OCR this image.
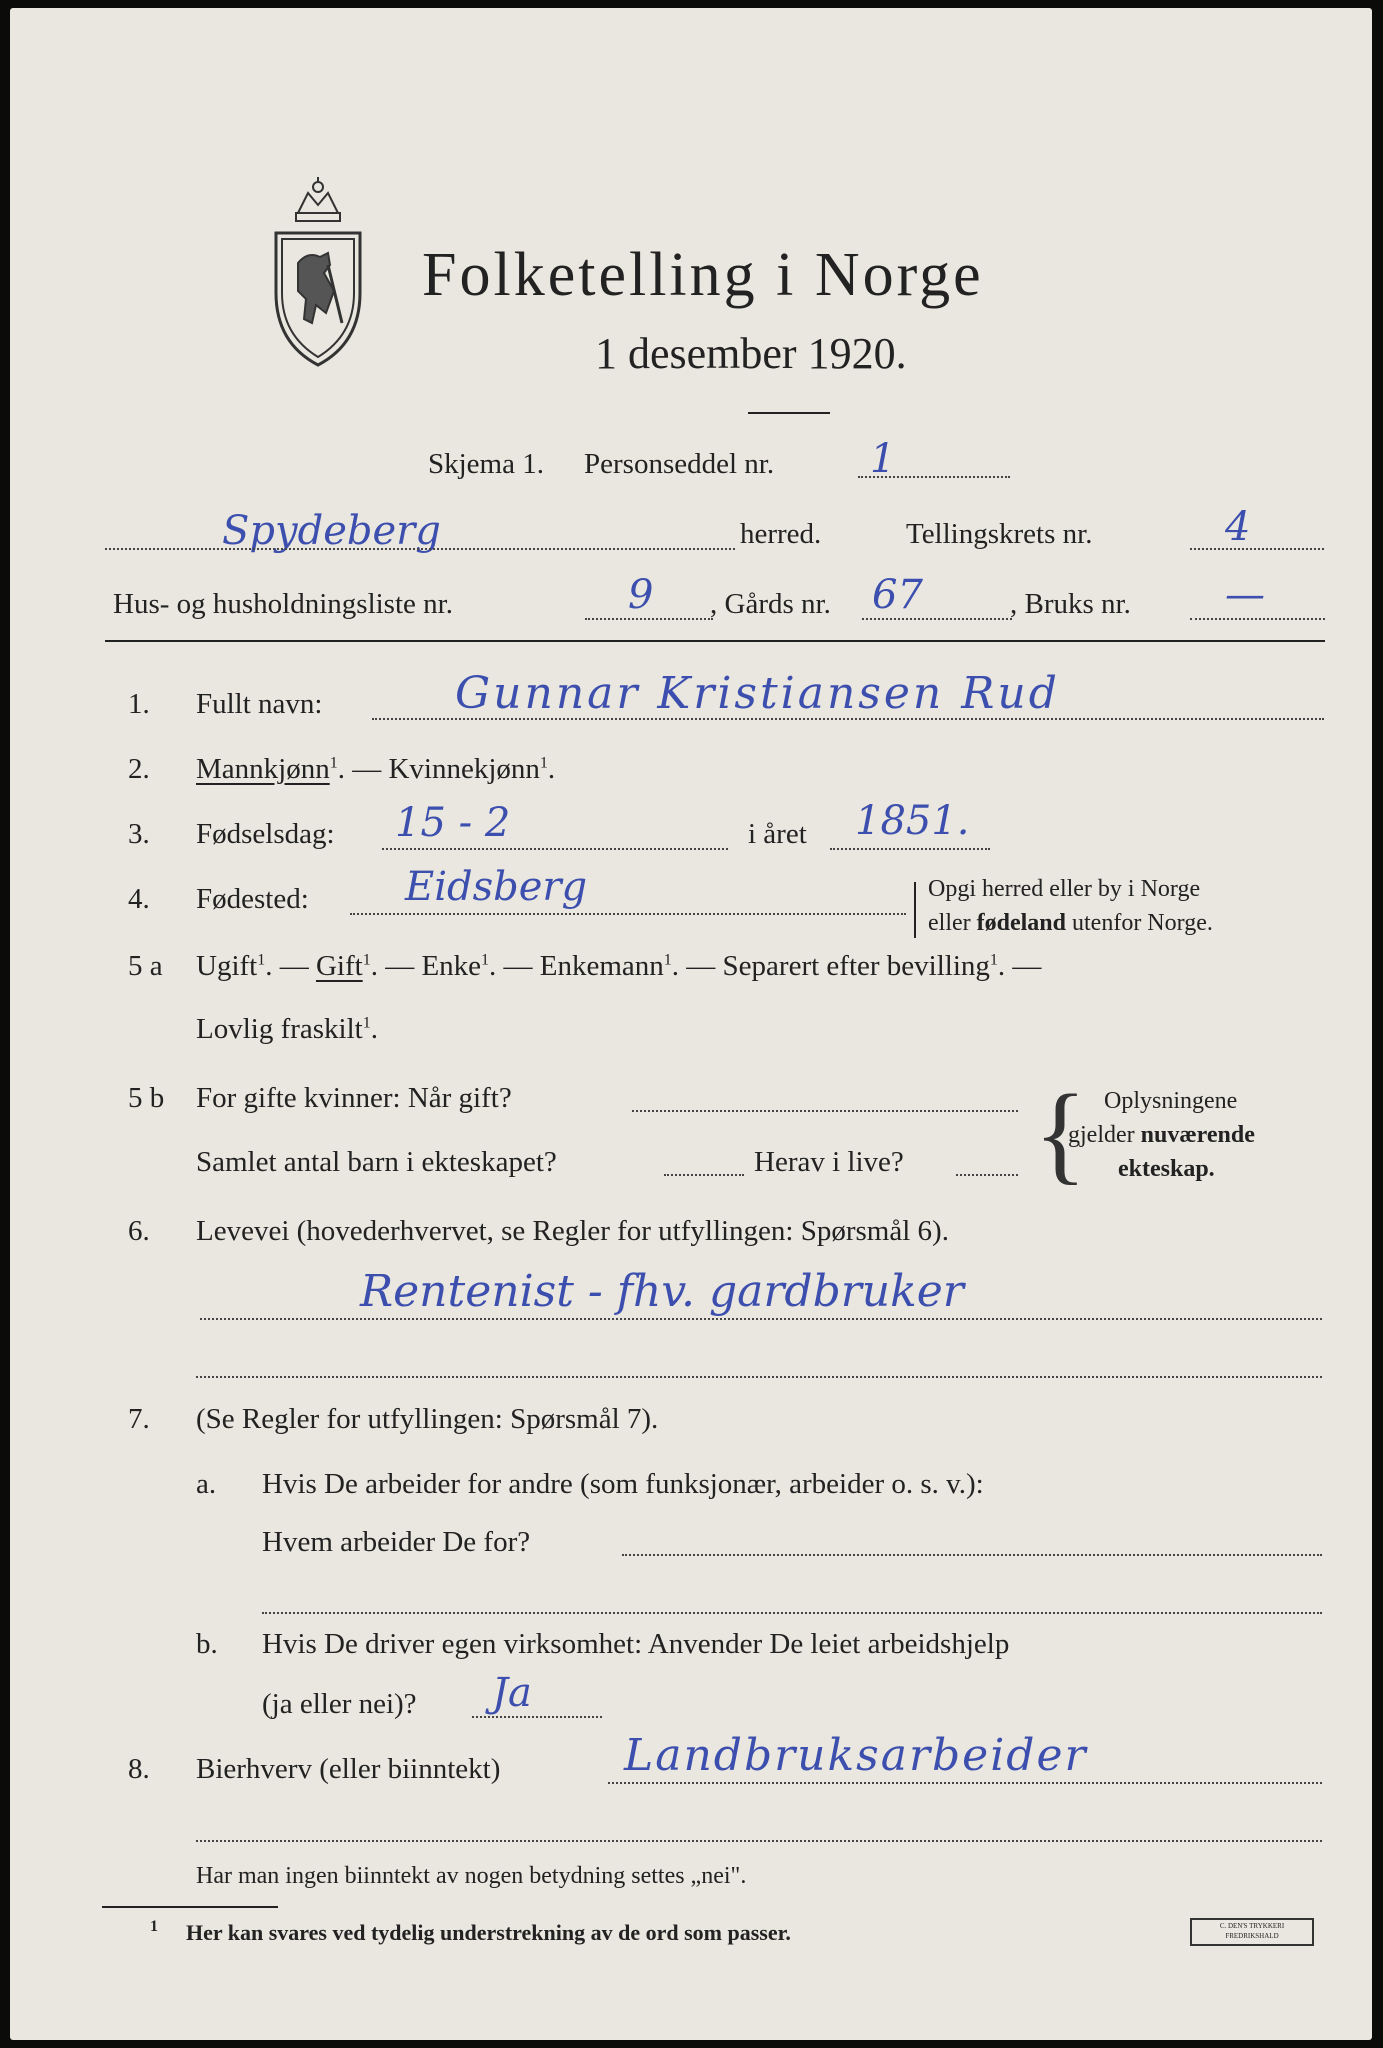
Folketelling i Norge
1 desember 1920.
Skjema 1. Personseddel nr. 1
Spydeberg	herred.	Tellingskrets nr.	4
Hus- og husholdningsliste nr.	9 , Gårds nr. 67	, Bruks nr. —
1. Fullt navn:	Gunnar Kristiansen Rud
2. Mannkjønn$^1$. — Kvinnekjønn$^1$.
3. Fødselsdag: 15 - 2	i året 1851.
4. Fødested: Eidsberg	Opgi herred eller by i Norge
eller fødeland utenfor Norge.
5 a Ugift$^1$. — Gift$^1$. — Enke$^1$. — Enkemann$^1$. — Separert efter bevilling$^1$. —
Lovlig fraskilt$^1$.
5 b For gifte kvinner: Når gift?
Samlet antal barn i ekteskapet?	Herav i live? { Oplysningene
gjelder nuværende
ekteskap.
6. Levevei (hovederhvervet, se Regler for utfyllingen: Spørsmål 6).
Rentenist - fhv. gardbruker
7. (Se Regler for utfyllingen: Spørsmål 7).
a. Hvis De arbeider for andre (som funksjonær, arbeider o. s. v.):
Hvem arbeider De for?
b. Hvis De driver egen virksomhet: Anvender De leiet arbeidshjelp
(ja eller nei)? Ja
8. Bierhverv (eller biinntekt)	Landbruksarbeider
Har man ingen biinntekt av nogen betydning settes „nei".
1 Her kan svares ved tydelig understrekning av de ord som passer.	C. DEN'S TRYKKERI FREDRIKSHALD
